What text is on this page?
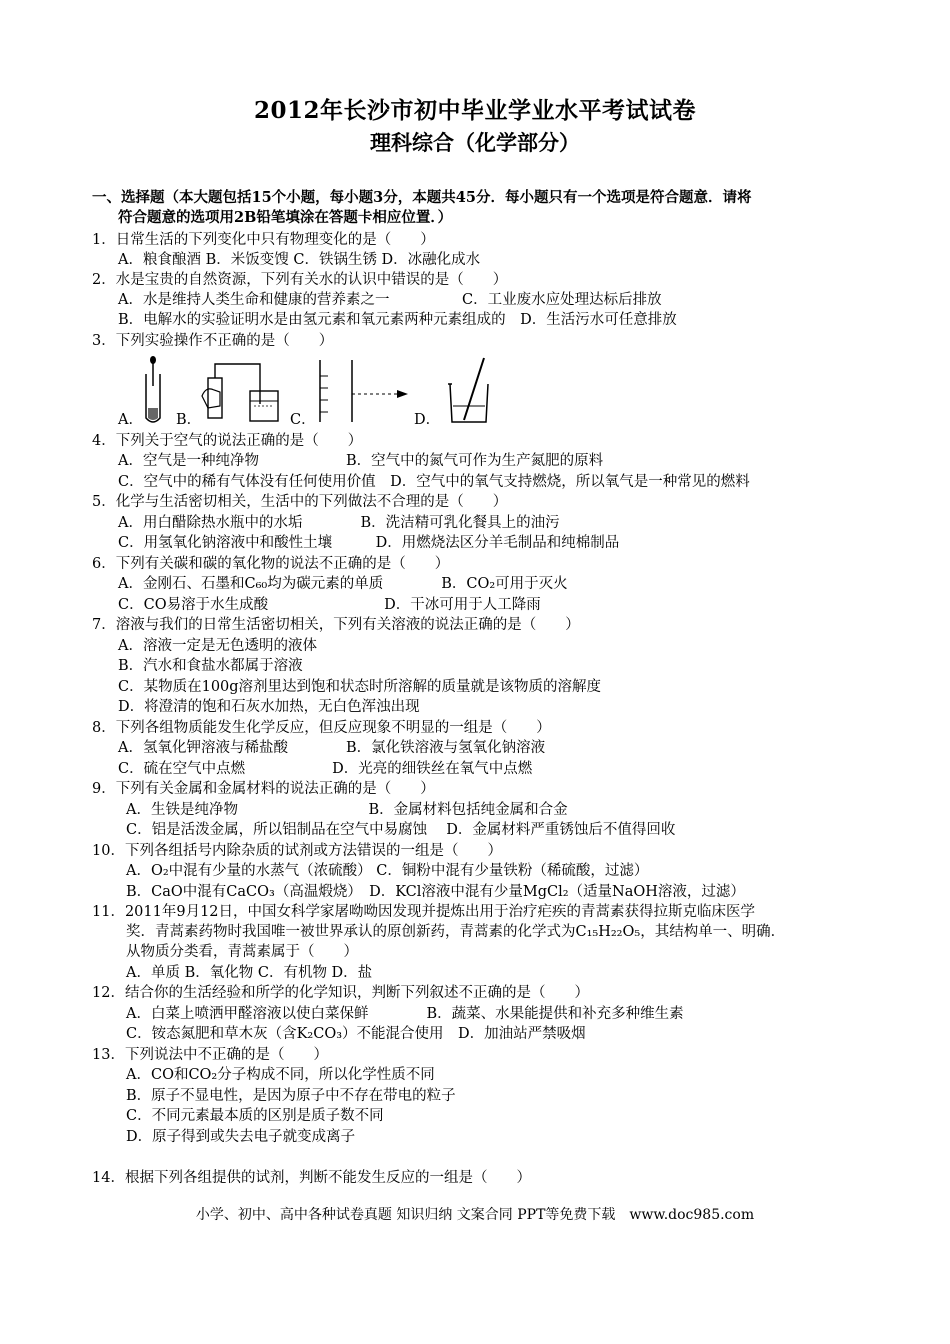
2012年长沙市初中毕业学业水平考试试卷
理科综合（化学部分）
一、选择题（本大题包括15个小题，每小题3分，本题共45分．每小题只有一个选项是符合题意．请将
符合题意的选项用2B铅笔填涂在答题卡相应位置．）
1．日常生活的下列变化中只有物理变化的是（　　）
A．粮食酿酒 B．米饭变馊 C．铁锅生锈 D．冰融化成水
2．水是宝贵的自然资源，下列有关水的认识中错误的是（　　）
A．水是维持人类生命和健康的营养素之一　　　　　C．工业废水应处理达标后排放
B．电解水的实验证明水是由氢元素和氧元素两种元素组成的　D．生活污水可任意排放
3．下列实验操作不正确的是（　　）
A． B．	C．	D．
4．下列关于空气的说法正确的是（　　）
A．空气是一种纯净物　　　　　　B．空气中的氮气可作为生产氮肥的原料
C．空气中的稀有气体没有任何使用价值　D．空气中的氧气支持燃烧，所以氧气是一种常见的燃料
5．化学与生活密切相关，生活中的下列做法不合理的是（　　）
A．用白醋除热水瓶中的水垢　　　　B．洗洁精可乳化餐具上的油污
C．用氢氧化钠溶液中和酸性土壤　　　D．用燃烧法区分羊毛制品和纯棉制品
6．下列有关碳和碳的氧化物的说法不正确的是（　　）
A．金刚石、石墨和C₆₀均为碳元素的单质　　　　B．CO₂可用于灭火
C．CO易溶于水生成酸　　　　　　　　D．干冰可用于人工降雨
7．溶液与我们的日常生活密切相关，下列有关溶液的说法正确的是（　　）
A．溶液一定是无色透明的液体
B．汽水和食盐水都属于溶液
C．某物质在100g溶剂里达到饱和状态时所溶解的质量就是该物质的溶解度
D．将澄清的饱和石灰水加热，无白色浑浊出现
8．下列各组物质能发生化学反应，但反应现象不明显的一组是（　　）
A．氢氧化钾溶液与稀盐酸　　　　B．氯化铁溶液与氢氧化钠溶液
C．硫在空气中点燃　　　　　　D．光亮的细铁丝在氧气中点燃
9．下列有关金属和金属材料的说法正确的是（　　）
A．生铁是纯净物　　　　　　　　　B．金属材料包括纯金属和合金
C．铝是活泼金属，所以铝制品在空气中易腐蚀　 D．金属材料严重锈蚀后不值得回收
10．下列各组括号内除杂质的试剂或方法错误的一组是（　　）
A．O₂中混有少量的水蒸气（浓硫酸） C．铜粉中混有少量铁粉（稀硫酸，过滤）
B．CaO中混有CaCO₃（高温煅烧）　D．KCl溶液中混有少量MgCl₂（适量NaOH溶液，过滤）
11．2011年9月12日，中国女科学家屠呦呦因发现并提炼出用于治疗疟疾的青蒿素获得拉斯克临床医学
奖．青蒿素药物时我国唯一被世界承认的原创新药，青蒿素的化学式为C₁₅H₂₂O₅，其结构单一、明确．
从物质分类看，青蒿素属于（　　）
A．单质 B．氧化物 C．有机物 D．盐
12．结合你的生活经验和所学的化学知识，判断下列叙述不正确的是（　　）
A．白菜上喷洒甲醛溶液以使白菜保鲜　　　　B．蔬菜、水果能提供和补充多种维生素
C．铵态氮肥和草木灰（含K₂CO₃）不能混合使用　D．加油站严禁吸烟
13．下列说法中不正确的是（　　）
A．CO和CO₂分子构成不同，所以化学性质不同
B．原子不显电性，是因为原子中不存在带电的粒子
C．不同元素最本质的区别是质子数不同
D．原子得到或失去电子就变成离子
14．根据下列各组提供的试剂，判断不能发生反应的一组是（　　）
小学、初中、高中各种试卷真题 知识归纳 文案合同 PPT等免费下载　www.doc985.com
